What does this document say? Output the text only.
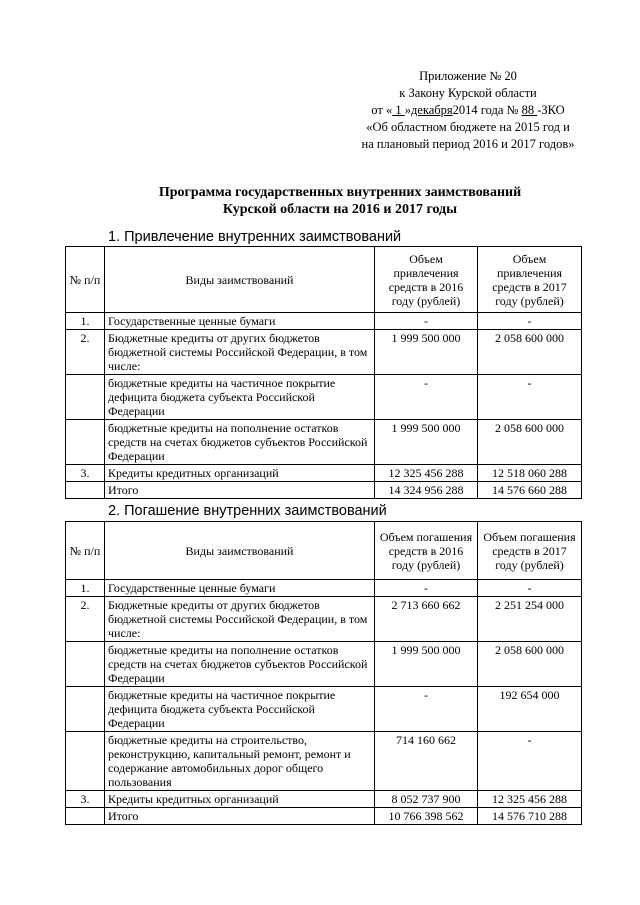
Приложение № 20
к Закону Курской области
от « 1 »декабря2014 года № 88 -ЗКО
«Об областном бюджете на 2015 год и
на плановый период 2016 и 2017 годов»
Программа государственных внутренних заимствований
Курской области на 2016 и 2017 годы
1. Привлечение внутренних заимствований
№ п/п	Виды заимствований	Объем привлечения средств в 2016 году (рублей)	Объем привлечения средств в 2017 году (рублей)
1.	Государственные ценные бумаги	-	-
2.	Бюджетные кредиты от других бюджетов бюджетной системы Российской Федерации, в том числе:	1 999 500 000	2 058 600 000
	бюджетные кредиты на частичное покрытие дефицита бюджета субъекта Российской Федерации	-	-
	бюджетные кредиты на пополнение остатков средств на счетах бюджетов субъектов Российской Федерации	1 999 500 000	2 058 600 000
3.	Кредиты кредитных организаций	12 325 456 288	12 518 060 288
	Итого	14 324 956 288	14 576 660 288
2. Погашение внутренних заимствований
№ п/п	Виды заимствований	Объем погашения средств в 2016 году (рублей)	Объем погашения средств в 2017 году (рублей)
1.	Государственные ценные бумаги	-	-
2.	Бюджетные кредиты от других бюджетов бюджетной системы Российской Федерации, в том числе:	2 713 660 662	2 251 254 000
	бюджетные кредиты на пополнение остатков средств на счетах бюджетов субъектов Российской Федерации	1 999 500 000	2 058 600 000
	бюджетные кредиты на частичное покрытие дефицита бюджета субъекта Российской Федерации	-	192 654 000
	бюджетные кредиты на строительство, реконструкцию, капитальный ремонт, ремонт и содержание автомобильных дорог общего пользования	714 160 662	-
3.	Кредиты кредитных организаций	8 052 737 900	12 325 456 288
	Итого	10 766 398 562	14 576 710 288
